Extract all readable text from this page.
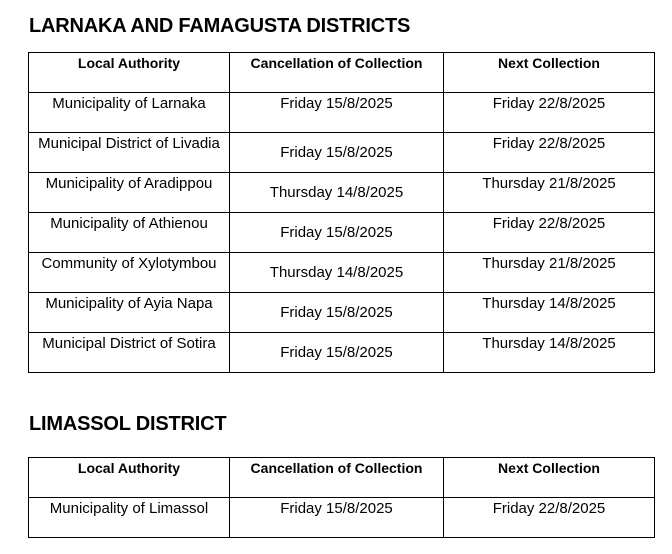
LARNAKA AND FAMAGUSTA DISTRICTS
Local Authority	Cancellation of Collection	Next Collection
Municipality of Larnaka	Friday 15/8/2025	Friday 22/8/2025
Municipal District of Livadia	Friday 15/8/2025	Friday 22/8/2025
Municipality of Aradippou	Thursday 14/8/2025	Thursday 21/8/2025
Municipality of Athienou	Friday 15/8/2025	Friday 22/8/2025
Community of Xylotymbou	Thursday 14/8/2025	Thursday 21/8/2025
Municipality of Ayia Napa	Friday 15/8/2025	Thursday 14/8/2025
Municipal District of Sotira	Friday 15/8/2025	Thursday 14/8/2025
LIMASSOL DISTRICT
Local Authority	Cancellation of Collection	Next Collection
Municipality of Limassol	Friday 15/8/2025	Friday 22/8/2025
